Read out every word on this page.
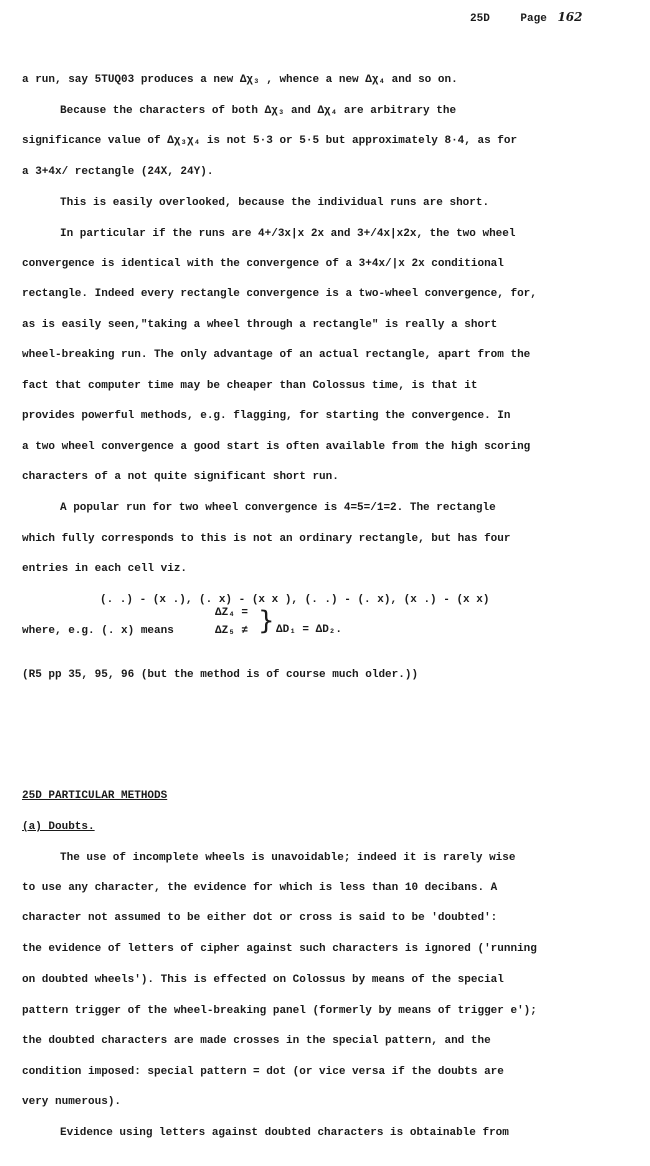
25D	Page 162
a run, say 5TUQ03 produces a new Δχ₃ , whence a new Δχ₄ and so on.
Because the characters of both Δχ₃ and Δχ₄ are arbitrary the
significance value of Δχ₃χ₄ is not 5·3 or 5·5 but approximately 8·4, as for
a 3+4x/ rectangle (24X, 24Y).
This is easily overlooked, because the individual runs are short.
In particular if the runs are 4+/3x|x 2x and 3+/4x|x2x, the two wheel
convergence is identical with the convergence of a 3+4x/|x 2x conditional
rectangle. Indeed every rectangle convergence is a two-wheel convergence, for,
as is easily seen,"taking a wheel through a rectangle" is really a short
wheel-breaking run. The only advantage of an actual rectangle, apart from the
fact that computer time may be cheaper than Colossus time, is that it
provides powerful methods, e.g. flagging, for starting the convergence. In
a two wheel convergence a good start is often available from the high scoring
characters of a not quite significant short run.
A popular run for two wheel convergence is 4=5=/1=2. The rectangle
which fully corresponds to this is not an ordinary rectangle, but has four
entries in each cell viz.
(. .) - (x .), (. x) - (x x ), (. .) - (. x), (x .) - (x x)
where, e.g. (. x) means
ΔZ₄ =
ΔZ₅ ≠ } ΔD₁ = ΔD₂.
(R5 pp 35, 95, 96 (but the method is of course much older.))
25D PARTICULAR METHODS
(a) Doubts.
The use of incomplete wheels is unavoidable; indeed it is rarely wise
to use any character, the evidence for which is less than 10 decibans. A
character not assumed to be either dot or cross is said to be 'doubted':
the evidence of letters of cipher against such characters is ignored ('running
on doubted wheels'). This is effected on Colossus by means of the special
pattern trigger of the wheel-breaking panel (formerly by means of trigger e');
the doubted characters are made crosses in the special pattern, and the
condition imposed: special pattern = dot (or vice versa if the doubts are
very numerous).
Evidence using letters against doubted characters is obtainable from
